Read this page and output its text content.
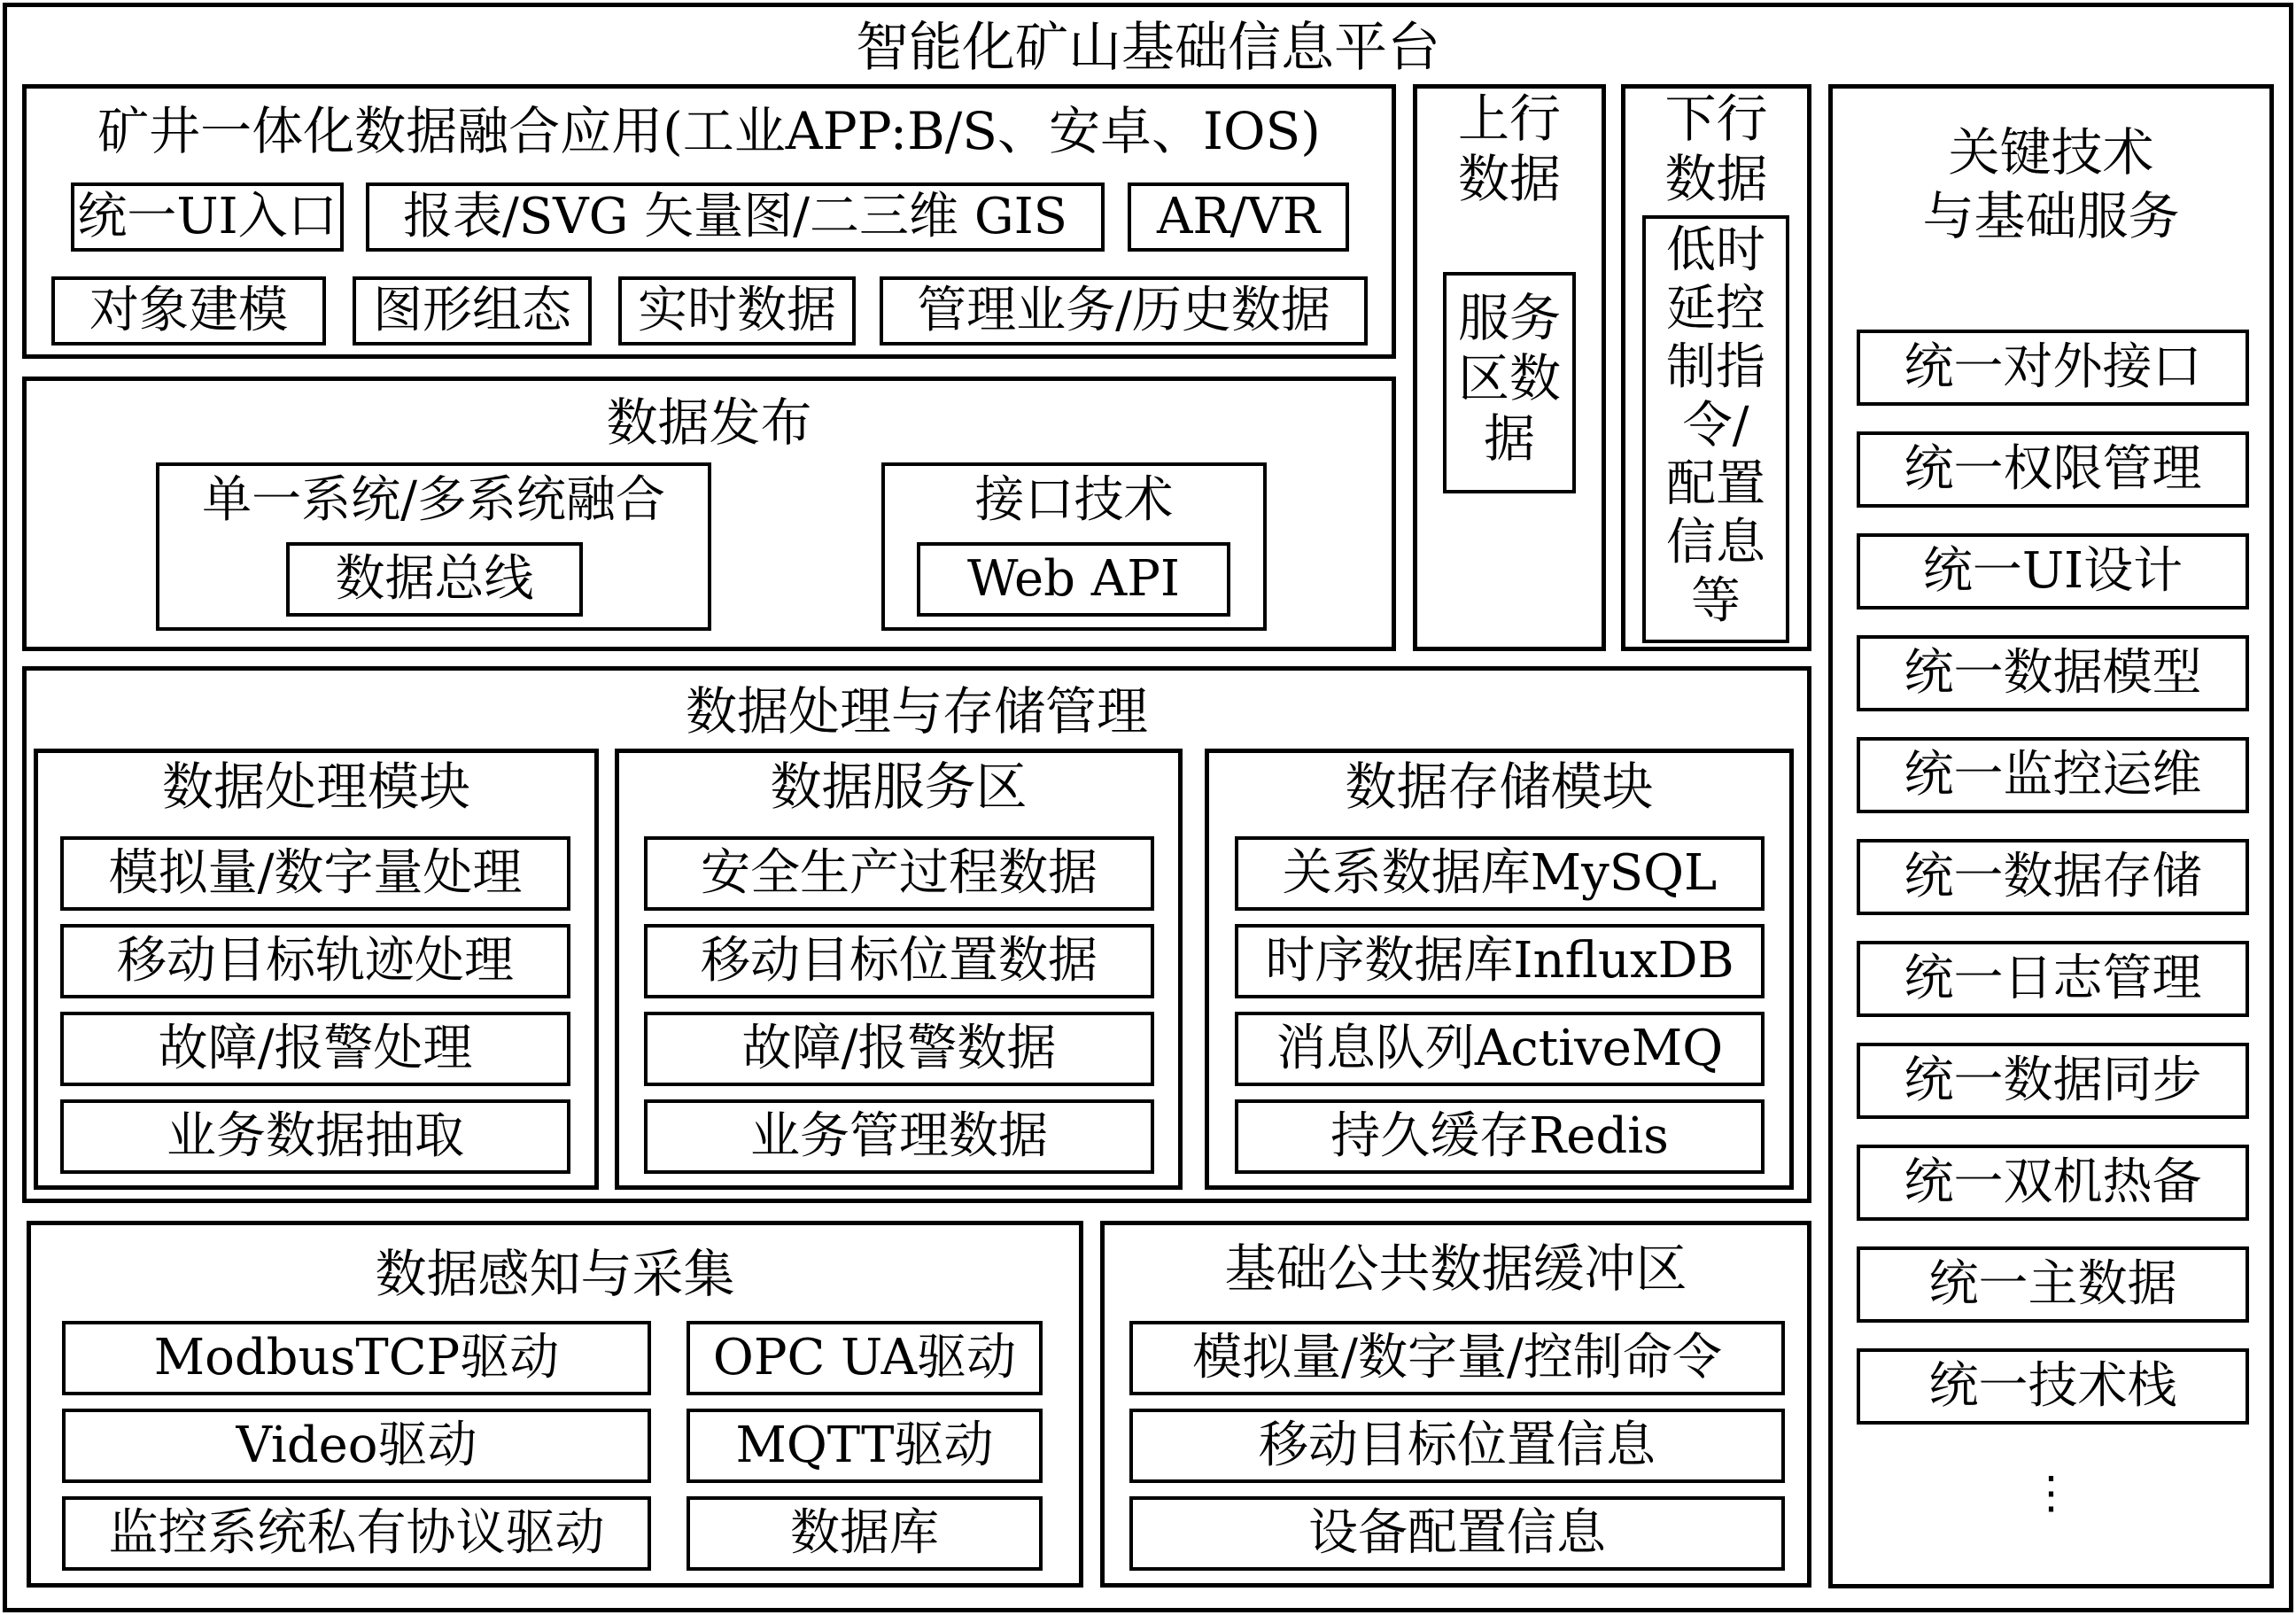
智能化矿山基础信息平台
矿井一体化数据融合应用(工业APP:B/S、安卓、IOS)
统一UI入口	报表/SVG 矢量图/二三维 GIS	AR/VR
对象建模	图形组态	实时数据	管理业务/历史数据
数据发布
单一系统/多系统融合
数据总线
接口技术
Web API
上行
数据
服务
区数
据
下行
数据
低时
延控
制指
令/
配置
信息
等
关键技术
与基础服务
统一对外接口
统一权限管理
统一UI设计
统一数据模型
统一监控运维
统一数据存储
统一日志管理
统一数据同步
统一双机热备
统一主数据
统一技术栈
⋮
数据处理与存储管理
数据处理模块
模拟量/数字量处理
移动目标轨迹处理
故障/报警处理
业务数据抽取
数据服务区
安全生产过程数据
移动目标位置数据
故障/报警数据
业务管理数据
数据存储模块
关系数据库MySQL
时序数据库InfluxDB
消息队列ActiveMQ
持久缓存Redis
数据感知与采集
ModbusTCP驱动
Video驱动
监控系统私有协议驱动
OPC UA驱动
MQTT驱动
数据库
基础公共数据缓冲区
模拟量/数字量/控制命令
移动目标位置信息
设备配置信息
